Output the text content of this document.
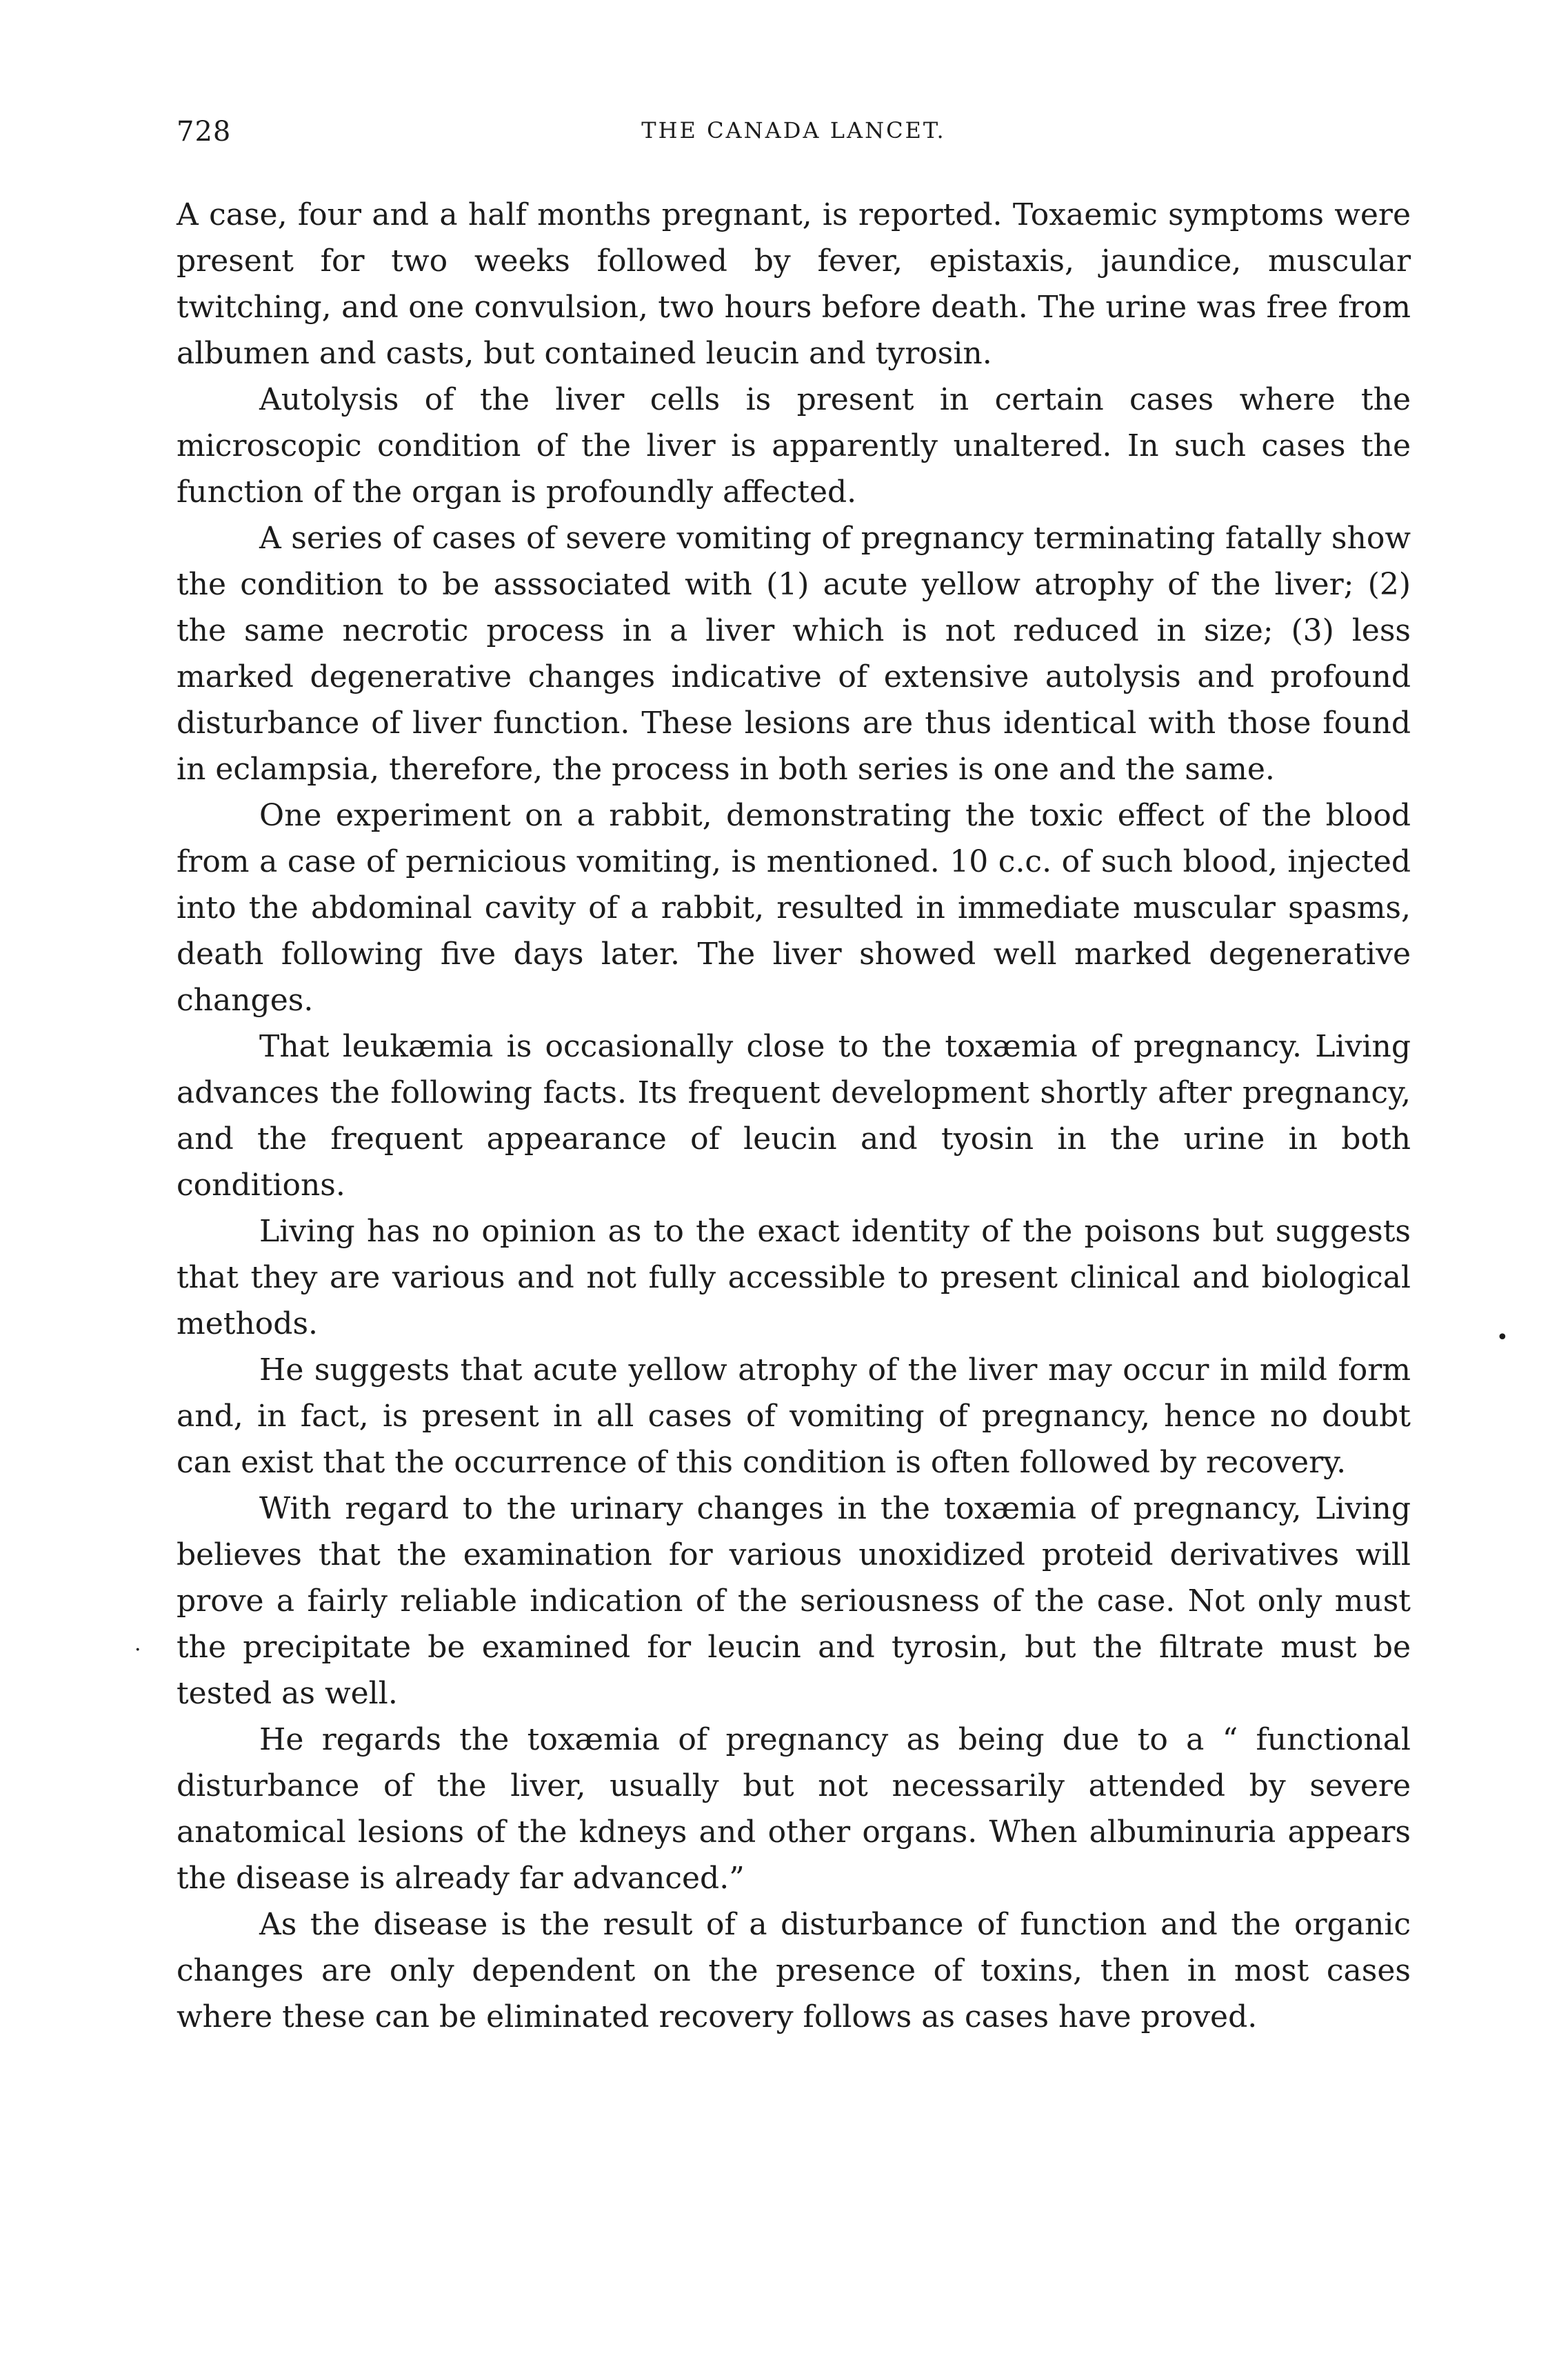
728	THE CANADA LANCET.

A case, four and a half months pregnant, is reported. Toxaemic symptoms were present for two weeks followed by fever, epistaxis, jaundice, muscular twitching, and one convulsion, two hours before death. The urine was free from albumen and casts, but contained leucin and tyrosin.

Autolysis of the liver cells is present in certain cases where the microscopic condition of the liver is apparently unaltered. In such cases the function of the organ is profoundly affected.

A series of cases of severe vomiting of pregnancy terminating fatally show the condition to be asssociated with (1) acute yellow atrophy of the liver; (2) the same necrotic process in a liver which is not reduced in size; (3) less marked degenerative changes indicative of extensive autolysis and profound disturbance of liver function. These lesions are thus identical with those found in eclampsia, therefore, the process in both series is one and the same.

One experiment on a rabbit, demonstrating the toxic effect of the blood from a case of pernicious vomiting, is mentioned. 10 c.c. of such blood, injected into the abdominal cavity of a rabbit, resulted in immediate muscular spasms, death following five days later. The liver showed well marked degenerative changes.

That leukæmia is occasionally close to the toxæmia of pregnancy. Living advances the following facts. Its frequent development shortly after pregnancy, and the frequent appearance of leucin and tyosin in the urine in both conditions.

Living has no opinion as to the exact identity of the poisons but suggests that they are various and not fully accessible to present clinical and biological methods.

He suggests that acute yellow atrophy of the liver may occur in mild form and, in fact, is present in all cases of vomiting of pregnancy, hence no doubt can exist that the occurrence of this condition is often followed by recovery.

With regard to the urinary changes in the toxæmia of pregnancy, Living believes that the examination for various unoxidized proteid derivatives will prove a fairly reliable indication of the seriousness of the case. Not only must the precipitate be examined for leucin and tyrosin, but the filtrate must be tested as well.

He regards the toxæmia of pregnancy as being due to a “ functional disturbance of the liver, usually but not necessarily attended by severe anatomical lesions of the kdneys and other organs. When albuminuria appears the disease is already far advanced.”

As the disease is the result of a disturbance of function and the organic changes are only dependent on the presence of toxins, then in most cases where these can be eliminated recovery follows as cases have proved.

•
·
